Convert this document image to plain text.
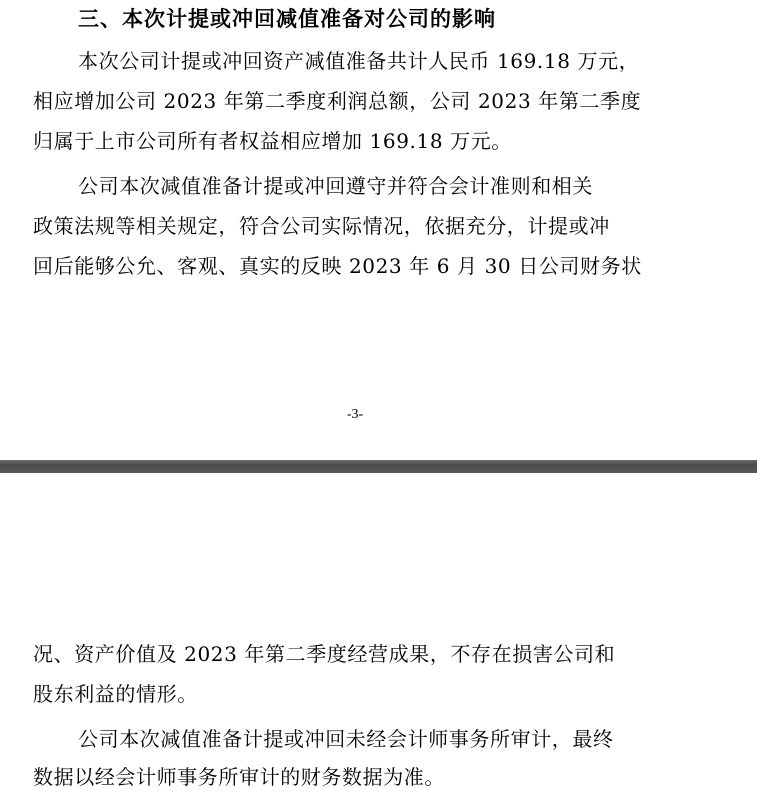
三、本次计提或冲回减值准备对公司的影响
本次公司计提或冲回资产减值准备共计人民币 169.18 万元，
相应增加公司 2023 年第二季度利润总额，公司 2023 年第二季度
归属于上市公司所有者权益相应增加 169.18 万元。
公司本次减值准备计提或冲回遵守并符合会计准则和相关
政策法规等相关规定，符合公司实际情况，依据充分，计提或冲
回后能够公允、客观、真实的反映 2023 年 6 月 30 日公司财务状
-3-
况、资产价值及 2023 年第二季度经营成果，不存在损害公司和
股东利益的情形。
公司本次减值准备计提或冲回未经会计师事务所审计，最终
数据以经会计师事务所审计的财务数据为准。
